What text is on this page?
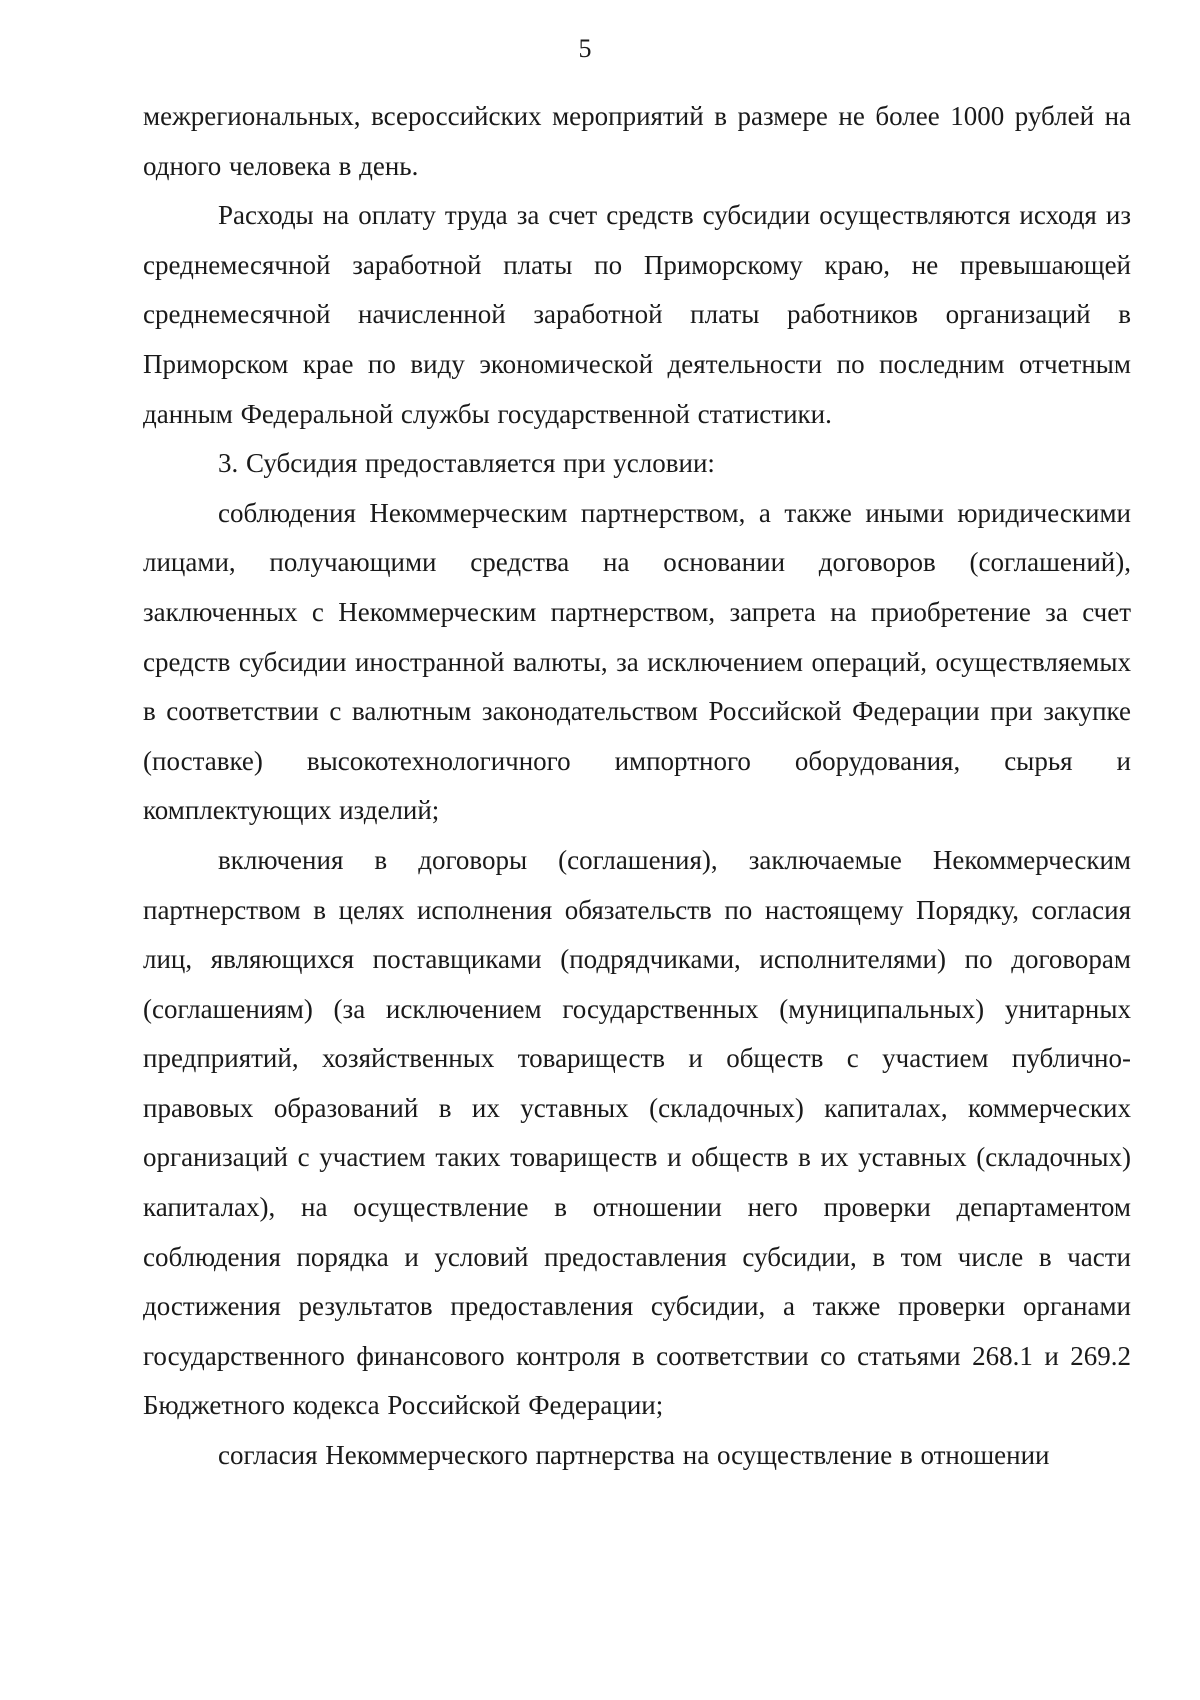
5

межрегиональных, всероссийских мероприятий в размере не более 1000 рублей на одного человека в день.

Расходы на оплату труда за счет средств субсидии осуществляются исходя из среднемесячной заработной платы по Приморскому краю, не превышающей среднемесячной начисленной заработной платы работников организаций в Приморском крае по виду экономической деятельности по последним отчетным данным Федеральной службы государственной статистики.

3. Субсидия предоставляется при условии:

соблюдения Некоммерческим партнерством, а также иными юридическими лицами, получающими средства на основании договоров (соглашений), заключенных с Некоммерческим партнерством, запрета на приобретение за счет средств субсидии иностранной валюты, за исключением операций, осуществляемых в соответствии с валютным законодательством Российской Федерации при закупке (поставке) высокотехнологичного импортного оборудования, сырья и комплектующих изделий;

включения в договоры (соглашения), заключаемые Некоммерческим партнерством в целях исполнения обязательств по настоящему Порядку, согласия лиц, являющихся поставщиками (подрядчиками, исполнителями) по договорам (соглашениям) (за исключением государственных (муниципальных) унитарных предприятий, хозяйственных товариществ и обществ с участием публично-правовых образований в их уставных (складочных) капиталах, коммерческих организаций с участием таких товариществ и обществ в их уставных (складочных) капиталах), на осуществление в отношении него проверки департаментом соблюдения порядка и условий предоставления субсидии, в том числе в части достижения результатов предоставления субсидии, а также проверки органами государственного финансового контроля в соответствии со статьями 268.1 и 269.2 Бюджетного кодекса Российской Федерации;

согласия Некоммерческого партнерства на осуществление в отношении
